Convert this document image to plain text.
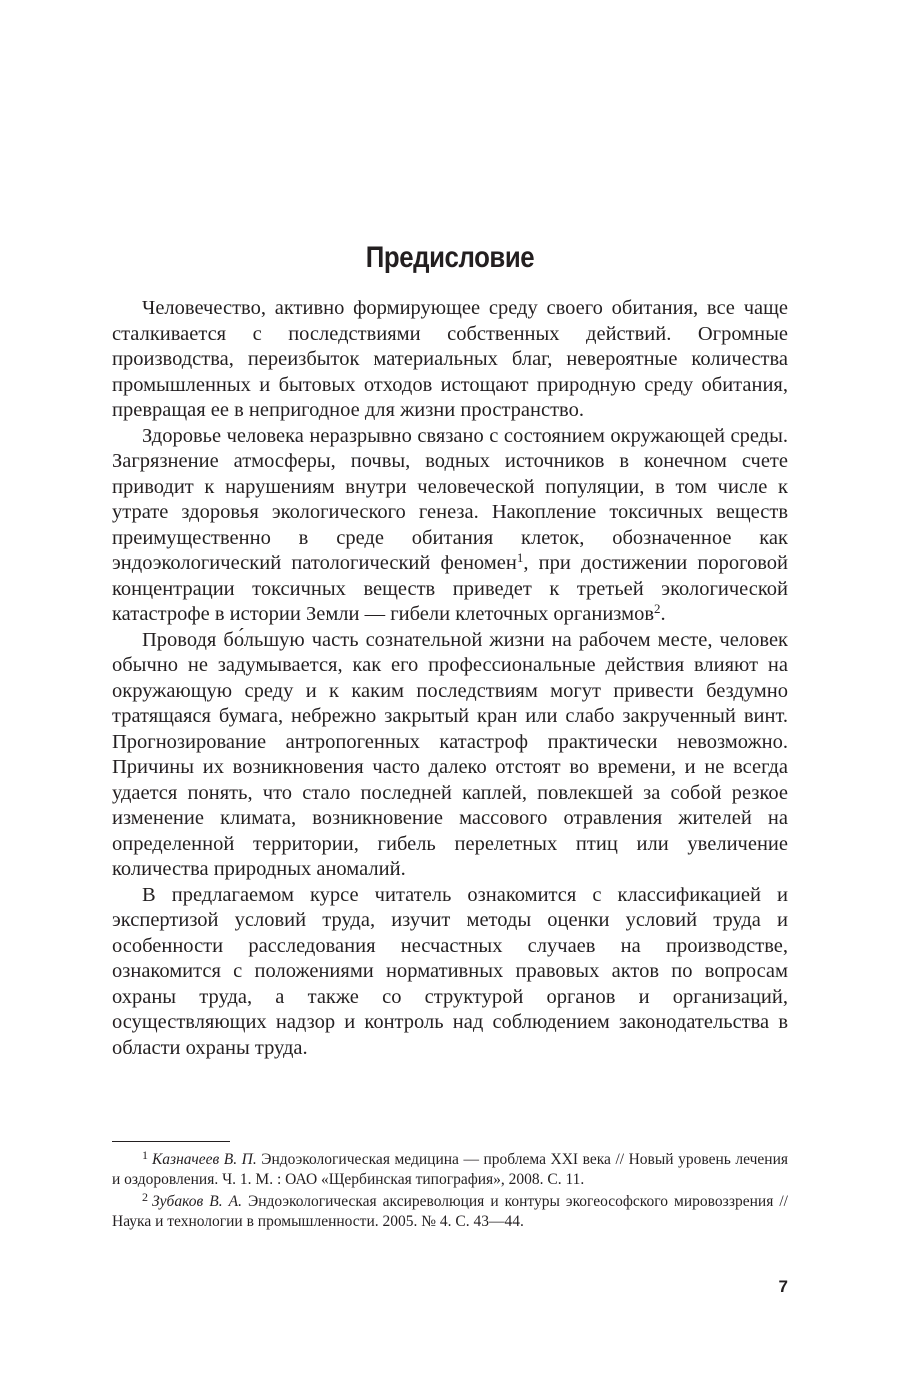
Предисловие

Человечество, активно формирующее среду своего обитания, все чаще сталкивается с последствиями собственных действий. Огромные производства, переизбыток материальных благ, невероятные количества промышленных и бытовых отходов истощают природную среду обитания, превращая ее в непригодное для жизни пространство.

Здоровье человека неразрывно связано с состоянием окружающей среды. Загрязнение атмосферы, почвы, водных источников в конечном счете приводит к нарушениям внутри человеческой популяции, в том числе к утрате здоровья экологического генеза. Накопление токсичных веществ преимущественно в среде обитания клеток, обозначенное как эндоэкологический патологический феномен$^1$, при достижении пороговой концентрации токсичных веществ приведет к третьей экологической катастрофе в истории Земли — гибели клеточных организмов$^2$.

Проводя бо́льшую часть сознательной жизни на рабочем месте, человек обычно не задумывается, как его профессиональные действия влияют на окружающую среду и к каким последствиям могут привести бездумно тратящаяся бумага, небрежно закрытый кран или слабо закрученный винт. Прогнозирование антропогенных катастроф практически невозможно. Причины их возникновения часто далеко отстоят во времени, и не всегда удается понять, что стало последней каплей, повлекшей за собой резкое изменение климата, возникновение массового отравления жителей на определенной территории, гибель перелетных птиц или увеличение количества природных аномалий.

В предлагаемом курсе читатель ознакомится с классификацией и экспертизой условий труда, изучит методы оценки условий труда и особенности расследования несчастных случаев на производстве, ознакомится с положениями нормативных правовых актов по вопросам охраны труда, а также со структурой органов и организаций, осуществляющих надзор и контроль над соблюдением законодательства в области охраны труда.

$^1$ Казначеев В. П. Эндоэкологическая медицина — проблема XXI века // Новый уровень лечения и оздоровления. Ч. 1. М. : ОАО «Щербинская типография», 2008. С. 11.

$^2$ Зубаков В. А. Эндоэкологическая аксиреволюция и контуры экогеософского мировоззрения // Наука и технологии в промышленности. 2005. № 4. С. 43—44.

7
